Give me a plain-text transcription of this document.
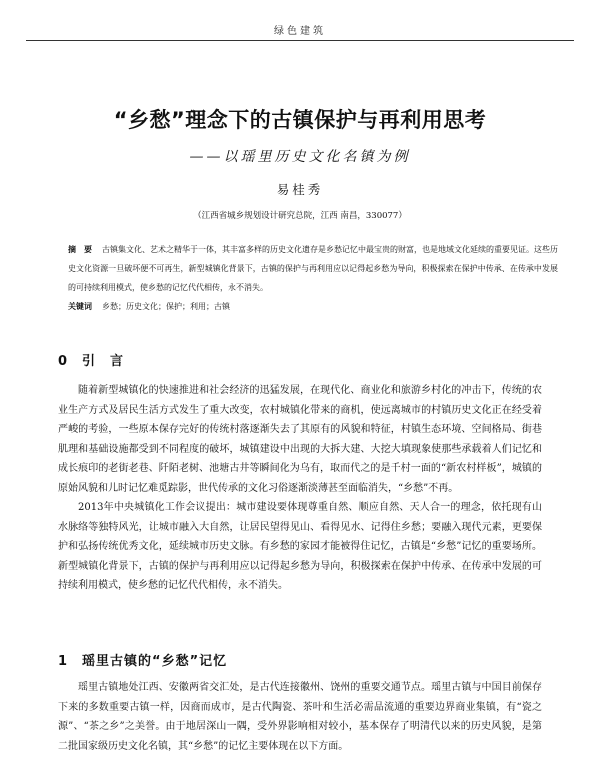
绿色建筑
“乡愁”理念下的古镇保护与再利用思考
——以瑶里历史文化名镇为例
易桂秀
（江西省城乡规划设计研究总院，江西 南昌，330077）

摘　要 古镇集文化、艺术之精华于一体，其丰富多样的历史文化遗存是乡愁记忆中最宝贵的财富，也是地域文化延续的重要见证。这些历史文化资源一旦破坏便不可再生，新型城镇化背景下，古镇的保护与再利用应以记得起乡愁为导向，积极探索在保护中传承、在传承中发展的可持续利用模式，使乡愁的记忆代代相传，永不消失。

关键词 乡愁；历史文化；保护；利用；古镇

0　引　言

随着新型城镇化的快速推进和社会经济的迅猛发展，在现代化、商业化和旅游乡村化的冲击下，传统的农业生产方式及居民生活方式发生了重大改变，农村城镇化带来的商机，使远离城市的村镇历史文化正在经受着严峻的考验，一些原本保存完好的传统村落逐渐失去了其原有的风貌和特征，村镇生态环境、空间格局、街巷肌理和基础设施都受到不同程度的破坏，城镇建设中出现的大拆大建、大挖大填现象使那些承载着人们记忆和成长痕印的老街老巷、阡陌老树、池塘古井等瞬间化为乌有，取而代之的是千村一面的“新农村样板”，城镇的原始风貌和儿时记忆难觅踪影，世代传承的文化习俗逐渐淡薄甚至面临消失，“乡愁”不再。

2013年中央城镇化工作会议提出：城市建设要体现尊重自然、顺应自然、天人合一的理念，依托现有山水脉络等独特风光，让城市融入大自然，让居民望得见山、看得见水、记得住乡愁；要融入现代元素，更要保护和弘扬传统优秀文化，延续城市历史文脉。有乡愁的家园才能被得住记忆，古镇是“乡愁”记忆的重要场所。新型城镇化背景下，古镇的保护与再利用应以记得起乡愁为导向，积极探索在保护中传承、在传承中发展的可持续利用模式，使乡愁的记忆代代相传，永不消失。

1　瑶里古镇的“乡愁”记忆

瑶里古镇地处江西、安徽两省交汇处，是古代连接徽州、饶州的重要交通节点。瑶里古镇与中国目前保存下来的多数重要古镇一样，因商而成市，是古代陶瓷、茶叶和生活必需品流通的重要边界商业集镇，有“瓷之源”、“茶之乡”之美誉。由于地居深山一隅，受外界影响相对较小，基本保存了明清代以来的历史风貌，是第二批国家级历史文化名镇，其“乡愁”的记忆主要体现在以下方面。
